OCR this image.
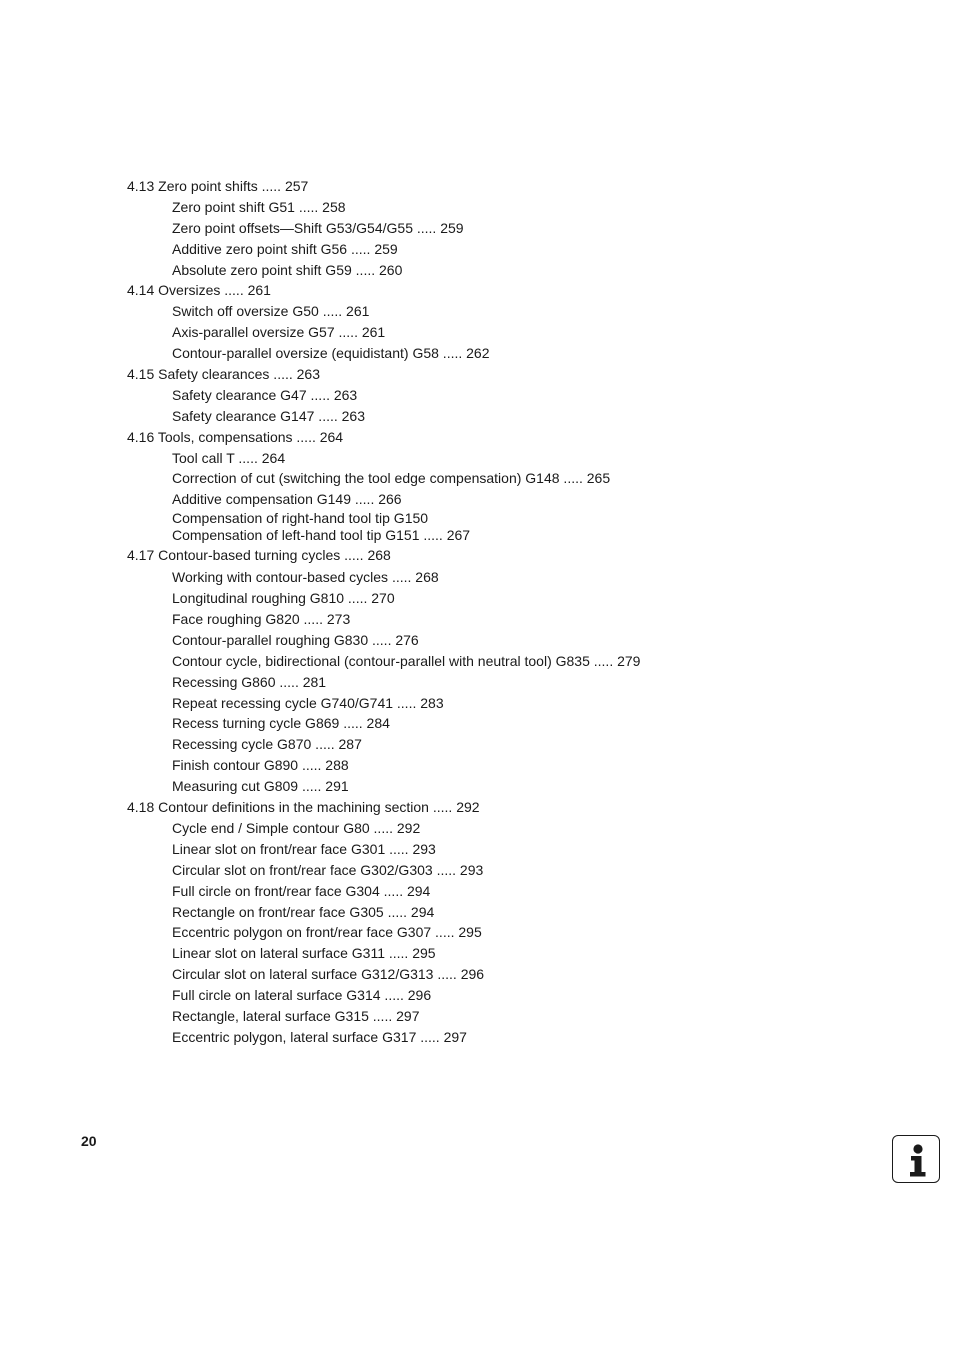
4.13 Zero point shifts ..... 257
Zero point shift G51 ..... 258
Zero point offsets—Shift G53/G54/G55 ..... 259
Additive zero point shift G56 ..... 259
Absolute zero point shift G59 ..... 260
4.14 Oversizes ..... 261
Switch off oversize G50 ..... 261
Axis-parallel oversize G57 ..... 261
Contour-parallel oversize (equidistant) G58 ..... 262
4.15 Safety clearances ..... 263
Safety clearance G47 ..... 263
Safety clearance G147 ..... 263
4.16 Tools, compensations ..... 264
Tool call T ..... 264
Correction of cut (switching the tool edge compensation) G148 ..... 265
Additive compensation G149 ..... 266
Compensation of right-hand tool tip G150
Compensation of left-hand tool tip G151 ..... 267
4.17 Contour-based turning cycles ..... 268
Working with contour-based cycles ..... 268
Longitudinal roughing G810 ..... 270
Face roughing G820 ..... 273
Contour-parallel roughing G830 ..... 276
Contour cycle, bidirectional (contour-parallel with neutral tool) G835 ..... 279
Recessing G860 ..... 281
Repeat recessing cycle G740/G741 ..... 283
Recess turning cycle G869 ..... 284
Recessing cycle G870 ..... 287
Finish contour G890 ..... 288
Measuring cut G809 ..... 291
4.18 Contour definitions in the machining section ..... 292
Cycle end / Simple contour G80 ..... 292
Linear slot on front/rear face G301 ..... 293
Circular slot on front/rear face G302/G303 ..... 293
Full circle on front/rear face G304 ..... 294
Rectangle on front/rear face G305 ..... 294
Eccentric polygon on front/rear face G307 ..... 295
Linear slot on lateral surface G311 ..... 295
Circular slot on lateral surface G312/G313 ..... 296
Full circle on lateral surface G314 ..... 296
Rectangle, lateral surface G315 ..... 297
Eccentric polygon, lateral surface G317 ..... 297
20
